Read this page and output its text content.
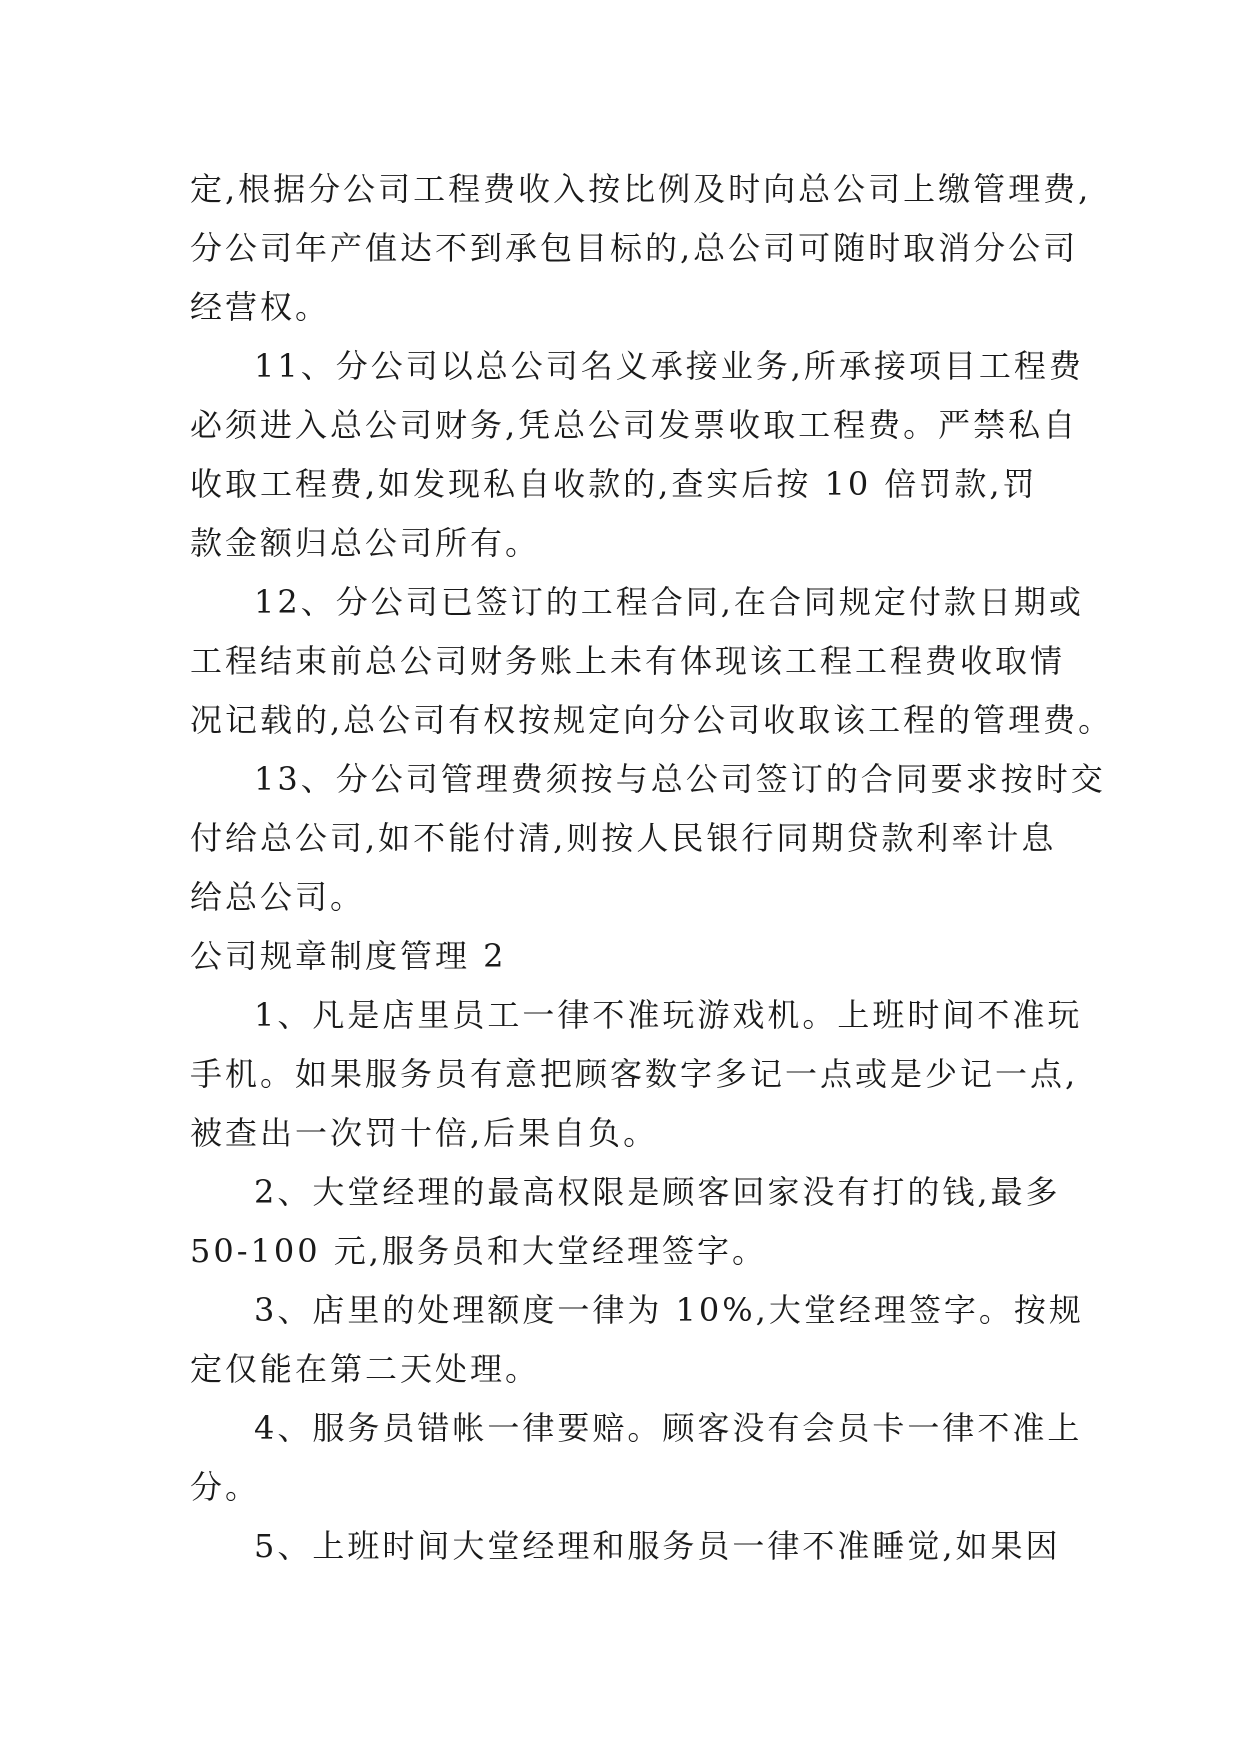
定,根据分公司工程费收入按比例及时向总公司上缴管理费,
分公司年产值达不到承包目标的,总公司可随时取消分公司
经营权。
11、分公司以总公司名义承接业务,所承接项目工程费
必须进入总公司财务,凭总公司发票收取工程费。严禁私自
收取工程费,如发现私自收款的,查实后按 10 倍罚款,罚
款金额归总公司所有。
12、分公司已签订的工程合同,在合同规定付款日期或
工程结束前总公司财务账上未有体现该工程工程费收取情
况记载的,总公司有权按规定向分公司收取该工程的管理费。
13、分公司管理费须按与总公司签订的合同要求按时交
付给总公司,如不能付清,则按人民银行同期贷款利率计息
给总公司。
公司规章制度管理 2
1、凡是店里员工一律不准玩游戏机。上班时间不准玩
手机。如果服务员有意把顾客数字多记一点或是少记一点,
被查出一次罚十倍,后果自负。
2、大堂经理的最高权限是顾客回家没有打的钱,最多
50-100 元,服务员和大堂经理签字。
3、店里的处理额度一律为 10%,大堂经理签字。按规
定仅能在第二天处理。
4、服务员错帐一律要赔。顾客没有会员卡一律不准上
分。
5、上班时间大堂经理和服务员一律不准睡觉,如果因
